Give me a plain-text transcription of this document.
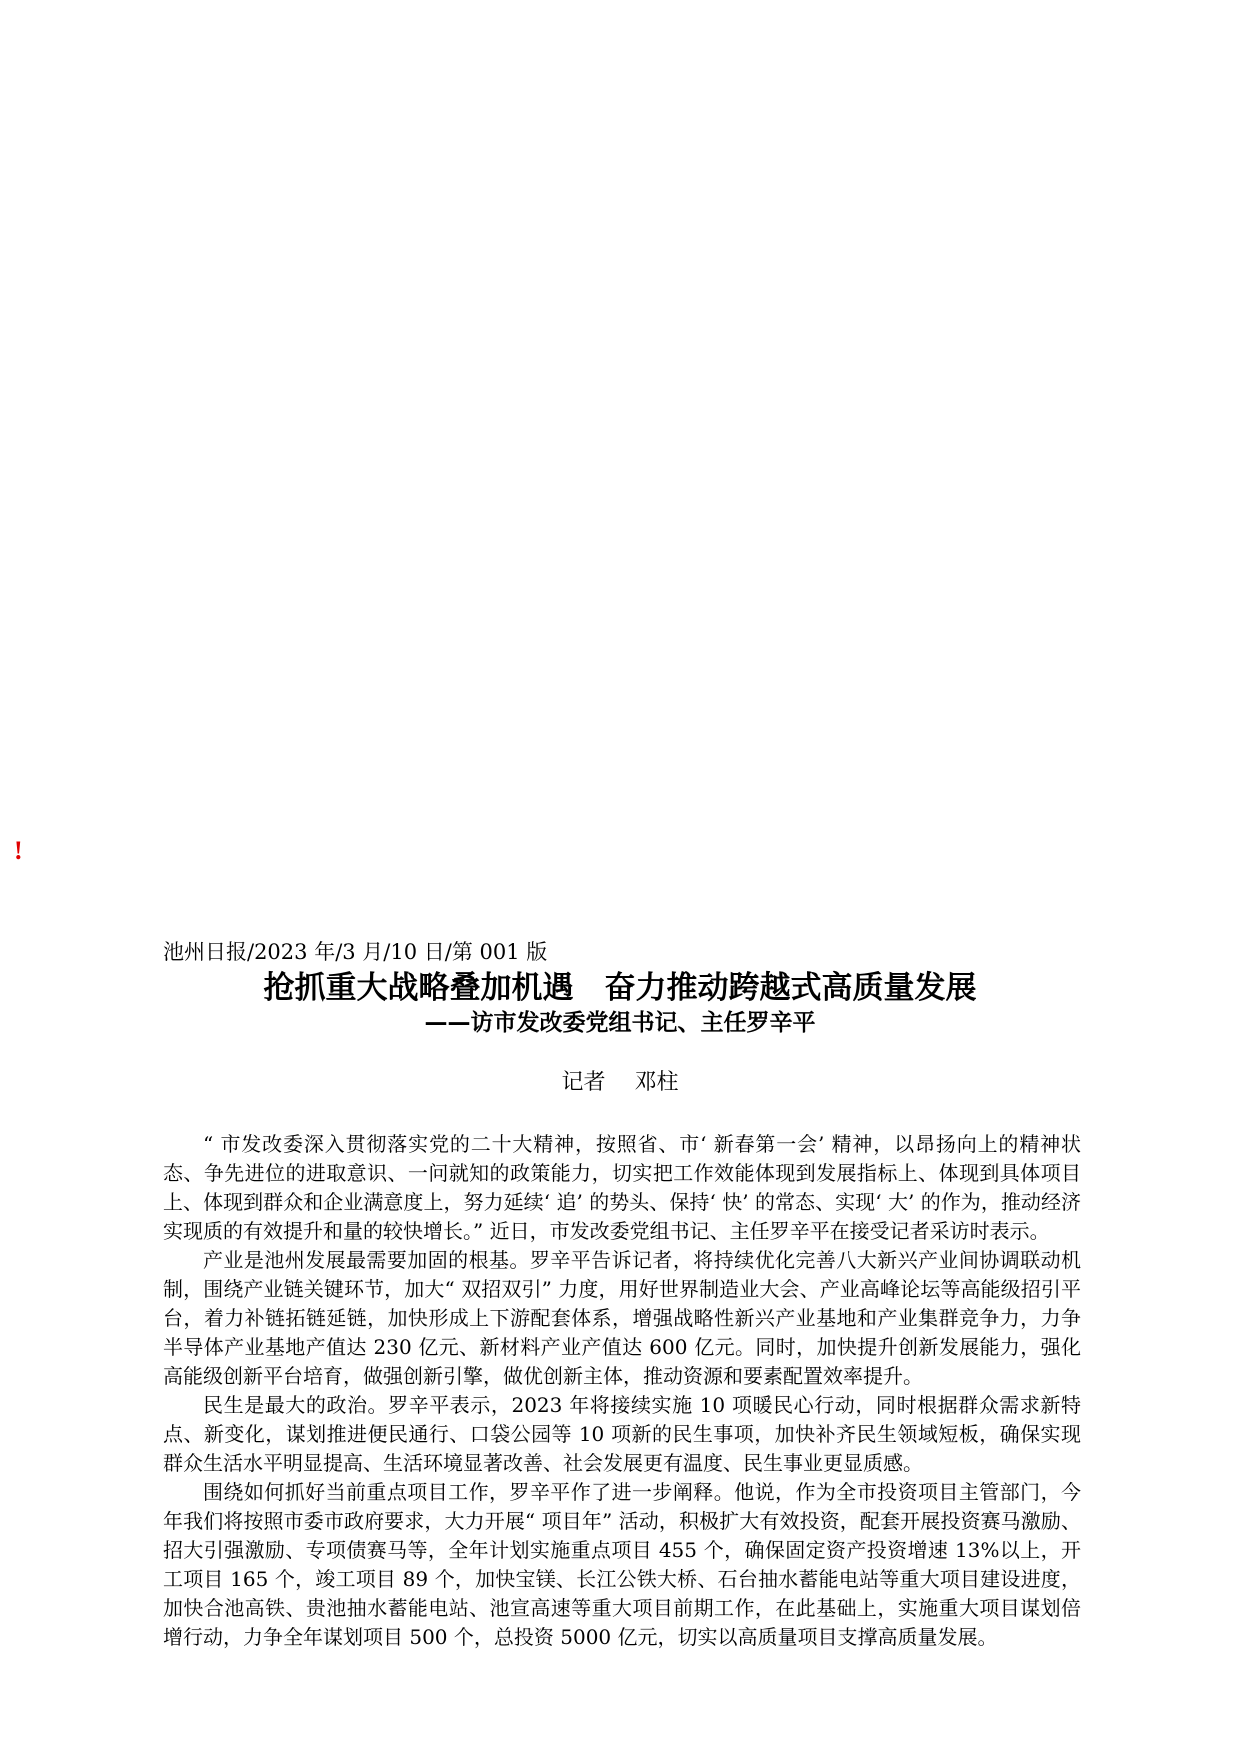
!
池州日报/2023 年/3 月/10 日/第 001 版
抢抓重大战略叠加机遇　奋力推动跨越式高质量发展
——访市发改委党组书记、主任罗辛平
记者　 邓柱

“ 市发改委深入贯彻落实党的二十大精神，按照省、市‘ 新春第一会’ 精神，以昂扬向上的精神状态、争先进位的进取意识、一问就知的政策能力，切实把工作效能体现到发展指标上、体现到具体项目上、体现到群众和企业满意度上，努力延续‘ 追’ 的势头、保持‘ 快’ 的常态、实现‘ 大’ 的作为，推动经济实现质的有效提升和量的较快增长。” 近日，市发改委党组书记、主任罗辛平在接受记者采访时表示。

产业是池州发展最需要加固的根基。罗辛平告诉记者，将持续优化完善八大新兴产业间协调联动机制，围绕产业链关键环节，加大“ 双招双引” 力度，用好世界制造业大会、产业高峰论坛等高能级招引平台，着力补链拓链延链，加快形成上下游配套体系，增强战略性新兴产业基地和产业集群竞争力，力争半导体产业基地产值达 230 亿元、新材料产业产值达 600 亿元。同时，加快提升创新发展能力，强化高能级创新平台培育，做强创新引擎，做优创新主体，推动资源和要素配置效率提升。

民生是最大的政治。罗辛平表示，2023 年将接续实施 10 项暖民心行动，同时根据群众需求新特点、新变化，谋划推进便民通行、口袋公园等 10 项新的民生事项，加快补齐民生领域短板，确保实现群众生活水平明显提高、生活环境显著改善、社会发展更有温度、民生事业更显质感。

围绕如何抓好当前重点项目工作，罗辛平作了进一步阐释。他说，作为全市投资项目主管部门，今年我们将按照市委市政府要求，大力开展“ 项目年” 活动，积极扩大有效投资，配套开展投资赛马激励、招大引强激励、专项债赛马等，全年计划实施重点项目 455 个，确保固定资产投资增速 13%以上，开工项目 165 个，竣工项目 89 个，加快宝镁、长江公铁大桥、石台抽水蓄能电站等重大项目建设进度，加快合池高铁、贵池抽水蓄能电站、池宣高速等重大项目前期工作，在此基础上，实施重大项目谋划倍增行动，力争全年谋划项目 500 个，总投资 5000 亿元，切实以高质量项目支撑高质量发展。
